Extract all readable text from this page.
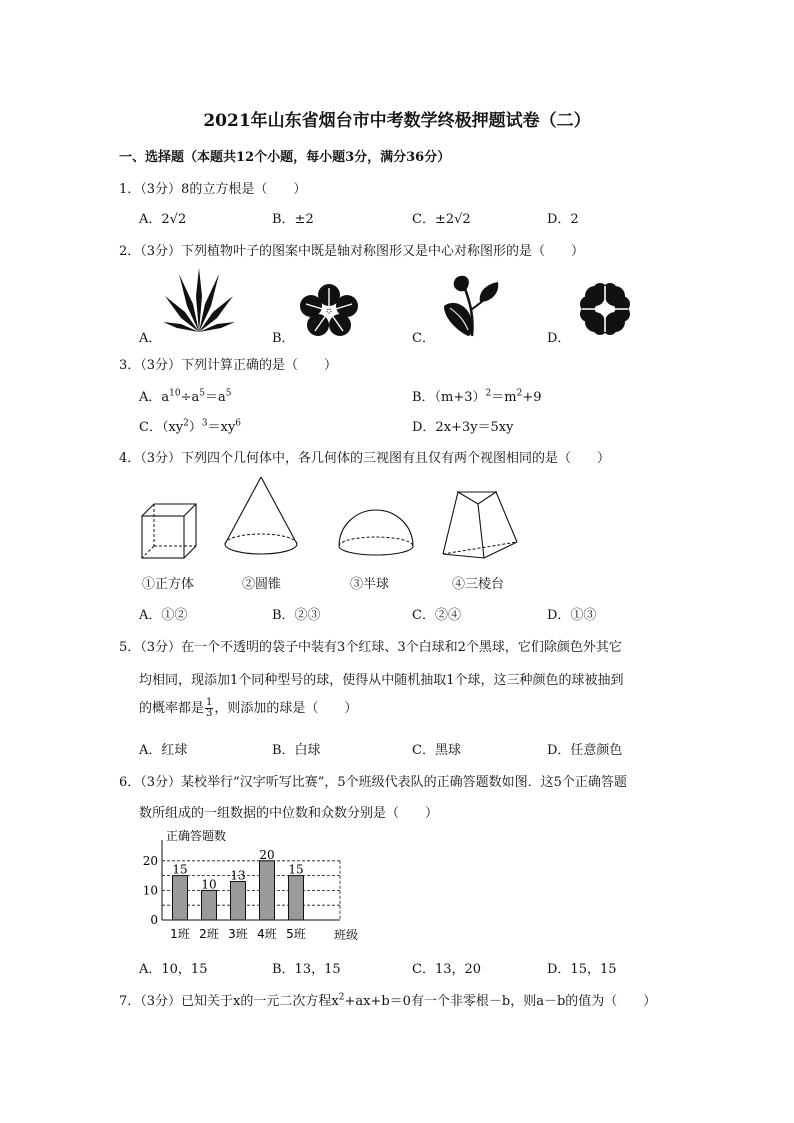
2021年山东省烟台市中考数学终极押题试卷（二）
一、选择题（本题共12个小题，每小题3分，满分36分）
1．（3分）8的立方根是（　　）
A．2√2	B．±2	C．±2√2	D．2
2．（3分）下列植物叶子的图案中既是轴对称图形又是中心对称图形的是（　　）
A．	B．	C．	D．
3．（3分）下列计算正确的是（　　）
A．$a^{10}\div a^5=a^5$	B．$(m+3)^2=m^2+9$
C．$(xy^2)^3=xy^6$	D．2x+3y＝5xy
4．（3分）下列四个几何体中，各几何体的三视图有且仅有两个视图相同的是（　　）
①正方体	②圆锥	③半球	④三棱台
A．①②	B．②③	C．②④	D．①③
5．（3分）在一个不透明的袋子中装有3个红球、3个白球和2个黑球，它们除颜色外其它
均相同，现添加1个同种型号的球，使得从中随机抽取1个球，这三种颜色的球被抽到
的概率都是 $\frac{1}{3}$ ，则添加的球是（　　）
A．红球	B．白球	C．黑球	D．任意颜色
6．（3分）某校举行“汉字听写比赛”，5个班级代表队的正确答题数如图．这5个正确答题
数所组成的一组数据的中位数和众数分别是（　　）
正确答题数
班级
0
10
20
15
1班
10
2班
13
3班
20
4班
15
5班
A．10，15	B．13，15	C．13，20	D．15，15
7．（3分）已知关于x的一元二次方程$x^2+ax+b=0$有一个非零根－b，则a－b的值为（　　）
